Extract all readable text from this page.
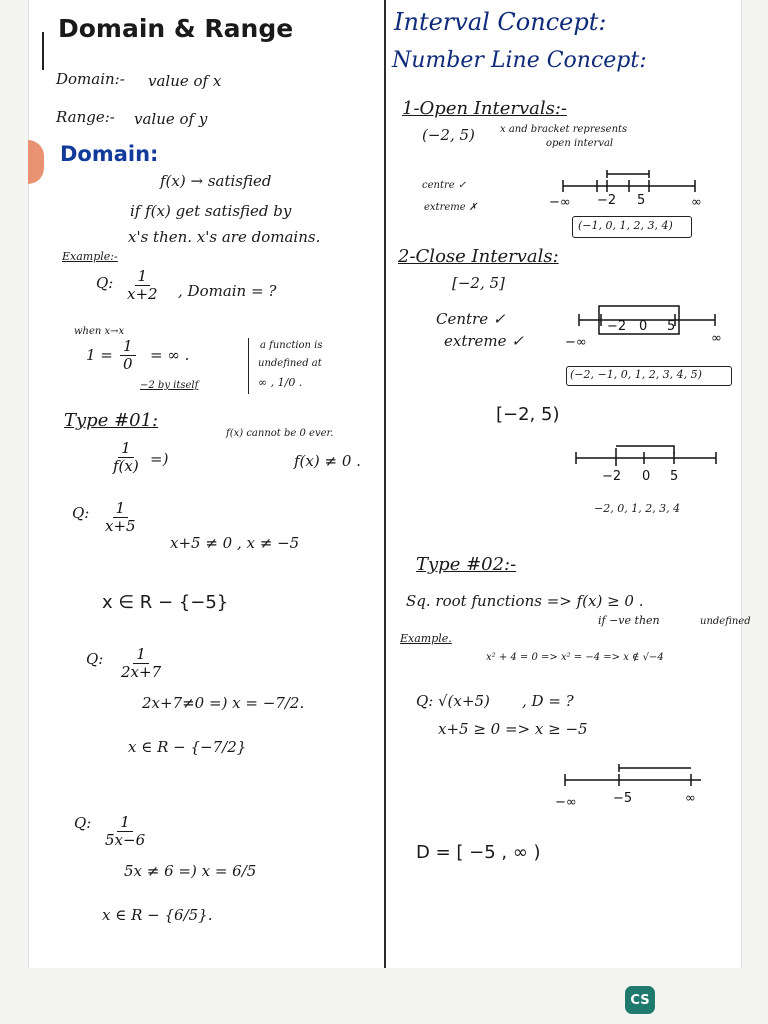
Domain & Range
Domain:- value of x
Range:- value of y
Domain:
f(x) → satisfied
if f(x) get satisfied by
x's then. x's are domains.
Example:-
Q: $\frac{1}{x+2}$ , Domain = ?
when x→x
$1 = \frac{1}{0}$ = ∞ .
a function is
undefined at
∞ , 1/0 .
−2 by itself
Type #01:
f(x) cannot be 0 ever.
$\frac{1}{f(x)}$ =)	f(x) ≠ 0 .
Q: $\frac{1}{x+5}$
x+5 ≠ 0 , x ≠ −5
x ∈ R − {−5}
Q: $\frac{1}{2x+7}$
2x+7≠0 =) x = −7/2.
x ∈ R − {−7/2}
Q: $\frac{1}{5x-6}$
5x ≠ 6 =) x = 6/5
x ∈ R − {6/5}.
Interval Concept:
Number Line Concept:
1-Open Intervals:-
(−2, 5)	x and bracket represents
open interval
centre ✓
extreme ✗	−∞ −2 5	∞
(−1, 0, 1, 2, 3, 4)
2-Close Intervals:
[−2, 5]
Centre ✓
extreme ✓	−∞
−2 0 5
∞
(−2, −1, 0, 1, 2, 3, 4, 5)
[−2, 5)
−2 0 5
−2, 0, 1, 2, 3, 4
Type #02:-
Sq. root functions => f(x) ≥ 0 .
if −ve then	undefined
Example.
x² + 4 = 0 => x² = −4 => x ∉ √−4
Q: √(x+5) , D = ?
x+5 ≥ 0 => x ≥ −5
−∞	−5	∞
D = [ −5 , ∞ )
CS
